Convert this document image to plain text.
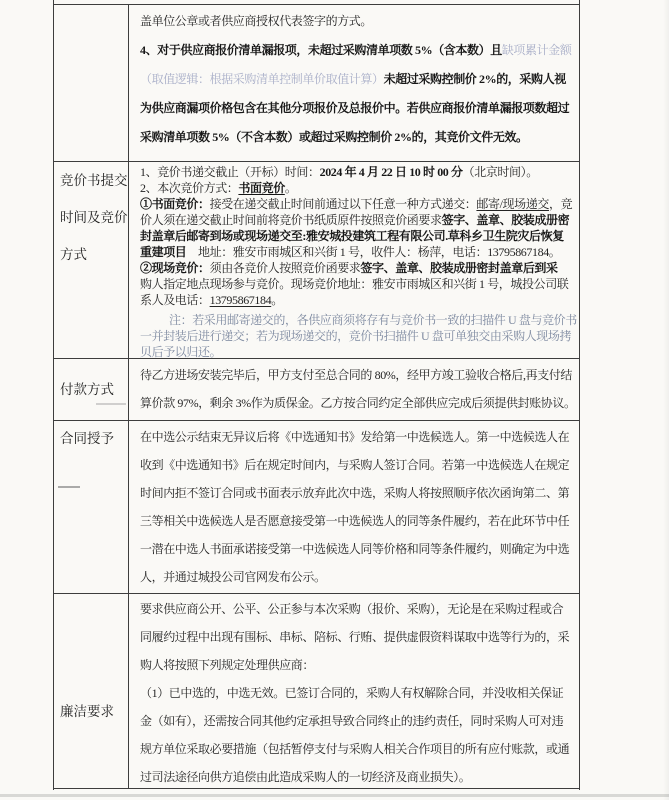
盖单位公章或者供应商授权代表签字的方式。
4、对于供应商报价清单漏报项，未超过采购清单项数 5%（含本数）且缺项累计金额
（取值逻辑：根据采购清单控制单价取值计算）未超过采购控制价 2%的，采购人视
为供应商漏项价格包含在其他分项报价及总报价中。若供应商报价清单漏报项数超过
采购清单项数 5%（不含本数）或超过采购控制价 2%的，其竞价文件无效。
竞价书提交
时间及竞价
方式
1、竞价书递交截止（开标）时间：2024 年 4 月 22 日 10 时 00 分（北京时间）。
2、本次竞价方式：书面竞价。
①书面竞价：接受在递交截止时间前通过以下任意一种方式递交：邮寄/现场递交，竞
价人须在递交截止时间前将竞价书纸质原件按照竞价函要求签字、盖章、胶装成册密
封盖章后邮寄到场或现场递交至:雅安城投建筑工程有限公司.草科乡卫生院灾后恢复
重建项目　地址：雅安市雨城区和兴街 1 号，收件人：杨萍，电话：13795867184。
②现场竞价：须由各竞价人按照竞价函要求签字、盖章、胶装成册密封盖章后到采
购人指定地点现场参与竞价。现场竞价地址：雅安市雨城区和兴街 1 号，城投公司联
系人及电话：13795867184。
注：若采用邮寄递交的，各供应商须将存有与竞价书一致的扫描件 U 盘与竞价书
一并封装后进行递交；若为现场递交的，竞价书扫描件 U 盘可单独交由采购人现场拷
贝后予以归还。
付款方式
待乙方进场安装完毕后，甲方支付至总合同的 80%，经甲方竣工验收合格后,再支付结
算价款 97%，剩余 3%作为质保金。乙方按合同约定全部供应完成后须提供封账协议。
合同授予	在中选公示结束无异议后将《中选通知书》发给第一中选候选人。第一中选候选人在
收到《中选通知书》后在规定时间内，与采购人签订合同。若第一中选候选人在规定
时间内拒不签订合同或书面表示放弃此次中选，采购人将按照顺序依次函询第二、第
三等相关中选候选人是否愿意接受第一中选候选人的同等条件履约，若在此环节中任
一潜在中选人书面承诺接受第一中选候选人同等价格和同等条件履约，则确定为中选
人，并通过城投公司官网发布公示。
廉洁要求
要求供应商公开、公平、公正参与本次采购（报价、采购），无论是在采购过程或合
同履约过程中出现有围标、串标、陪标、行贿、提供虚假资料谋取中选等行为的，采
购人将按照下列规定处理供应商：
（1）已中选的，中选无效。已签订合同的，采购人有权解除合同，并没收相关保证
金（如有），还需按合同其他约定承担导致合同终止的违约责任，同时采购人可对违
规方单位采取必要措施（包括暂停支付与采购人相关合作项目的所有应付账款，或通
过司法途径向供方追偿由此造成采购人的一切经济及商业损失）。
